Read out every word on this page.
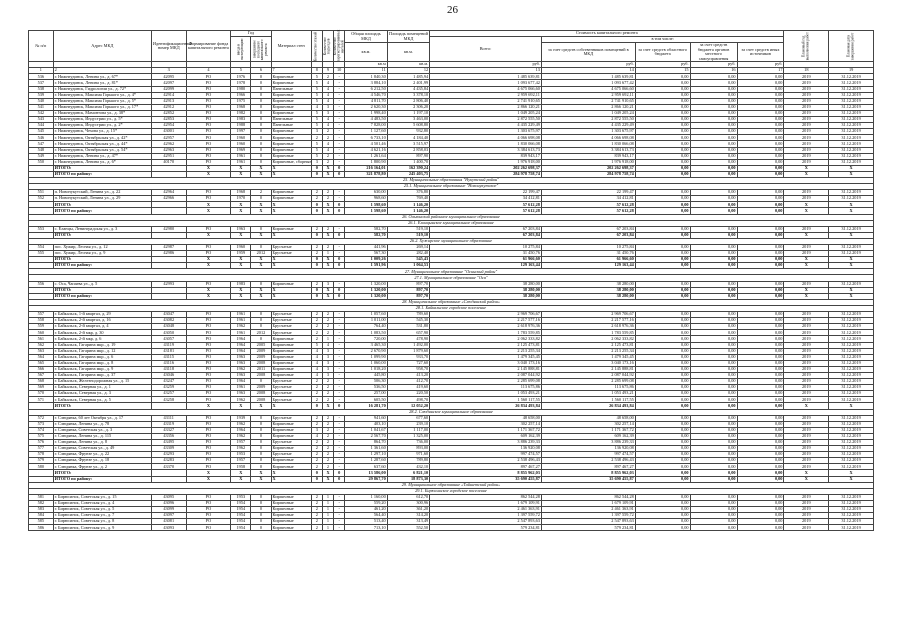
26
№ п/п	Адрес МКД	Идентификационный номер МКД	Формирование фонда капитального ремонта	Год		Материал стен	Количество этажей	Количество подъездов	Количество зарегистрированных жителей	Общая площадь МКД	Площадь помещений МКД	Стоимость капитального ремонта					Плановый год выполнения работ	Плановая дата завершения работ
				ввода в эксплуатацию	завершение последнего капитального ремонта							Всего:	в том числе:					
										кв.м.	кв.м.		за счет средств собственников помещений в МКД	за счет средств областного бюджета	за счет средств бюджета органов местного самоуправления	за счет средств иных источников		
										кв.м	кв.м.	руб.	руб.	руб.	руб.	руб.		
1	2	3	4	5	6	7	8	9	10	11	12	13	14	15	16	17	18	19
536	г. Нижнеудинск, Ленина ул., д. 67*	42095	РО	1976	0	Кирпичные	5	2	-	1 840,30	1 485,94	1 485 639,81	1 485 639,81	0,00	0,00	0,00	2019	31.12.2019
537	г. Нижнеудинск, Ленина ул., д. 81*	42097	РО	1978	0	Кирпичные	5	4	-	3 884,10	2 401,99	1 093 677,42	1 093 677,42	0,00	0,00	0,00	2019	31.12.2019
538	г. Нижнеудинск, Гидрологии ул., д. 72*	42099	РО	1980	0	Панельные	5	4	-	6 212,50	4 435,84	4 675 066,60	4 675 066,60	0,00	0,00	0,00	2019	31.12.2019
539	г. Нижнеудинск, Максима Горького ул., д. 4*	42914	РО	1966	0	Кирпичные	5	4	-	4 546,70	3 378,10	2 959 692,11	2 959 692,11	0,00	0,00	0,00	2019	31.12.2019
540	г. Нижнеудинск, Максима Горького ул., д. 5*	42913	РО	1975	0	Кирпичные	5	4	-	4 811,70	2 806,40	2 741 910,65	2 741 910,65	0,00	0,00	0,00	2019	31.12.2019
541	г. Нижнеудинск, Максима Горького ул., д. 17*	42912	РО	1968	0	Кирпичные	4	3	-	2 620,30	2 306,20	2 866 120,21	2 866 120,21	0,00	0,00	0,00	2019	31.12.2019
542	г. Нижнеудинск, Мамонтова ул., д. 38*	42852	РО	1982	0	Кирпичные	5	3	-	1 998,40	1 197,10	1 049 205,24	1 049 205,24	0,00	0,00	0,00	2019	31.12.2019
543	г. Нижнеудинск, Индустрии ул., д. 5*	42853	РО	1983	0	Панельные	5	4	-	4 483,50	3 463,00	2 872 555,50	2 872 555,50	0,00	0,00	0,00	2019	31.12.2019
544	г. Нижнеудинск, Индустрии ул., д. 2*	42954	РО	1988	0	Панельные	5	4	-	7 828,00	5 608,80	4 435 229,49	4 435 229,49	0,00	0,00	0,00	2019	31.12.2019
545	г. Нижнеудинск, Чехова ул., д. 15*	43001	РО	1997	0	Кирпичные	3	2	-	1 127,60	932,80	1 303 675,97	1 303 675,97	0,00	0,00	0,00	2019	31.12.2019
546	г. Нижнеудинск, Октябрьская ул., д. 42*	42957	РО	1960	0	Кирпичные	2	2	-	6 733,10	4 184,40	4 066 698,08	4 066 698,08	0,00	0,00	0,00	2019	31.12.2019
547	г. Нижнеудинск, Октябрьская ул., д. 44*	42962	РО	1960	0	Кирпичные	5	4	-	4 501,46	3 515,97	1 830 066,08	1 830 066,08	0,00	0,00	0,00	2019	31.12.2019
548	г. Нижнеудинск, Октябрьская ул., д. 54*	42963	РО	1969	0	Кирпичные	5	4	-	4 621,16	2 858,03	3 384 613,73	3 384 613,73	0,00	0,00	0,00	2019	31.12.2019
549	г. Нижнеудинск, Ленина ул., д. 47*	42951	РО	1961	0	Кирпичные	5	2	-	1 261,64	897,90	839 943,17	839 943,17	0,00	0,00	0,00	2019	31.12.2019
550	г. Нижнеудинск, Ленина ул., д. 6*	40170	РО	1961	0	Кирпичные, сборные	3	2	-	1 800,90	1 400,70	1 976 918,00	1 976 918,00	0,00	0,00	0,00	2019	31.12.2019
	ИТОГО:		X	X	X	X	0	X	0	216 164,01	162 390,24	202 262 698,37	202 262 698,37	0,00	0,00	0,00	X	X
	ИТОГО по району:		X	X	X	X	0	X	0	321 878,80	245 403,75	284 978 758,74	284 978 758,74	0,00	0,00	0,00	X	X
25. Муниципальные образования "Нукутский район"																		
25.1. Муниципальное образование "Новонукутское"																		
551	п. Новонукутский, Ленина ул., д. 22	42964	РО	1968	2	Кирпичные	2	2	-	630,00	376,80	22 199,47	22 199,47	0,00	0,00	0,00	2019	31.12.2019
552	п. Новонукутский, Ленина ул., д. 29	42966	РО	1970	0	Кирпичные	2	2	-	968,60	769,40	34 412,81	34 412,81	0,00	0,00	0,00	2019	31.12.2019
	ИТОГО:		X	X	X	X	0	X	0	1 598,60	1 146,20	57 612,28	57 612,28	0,00	0,00	0,00	X	X
	ИТОГО по району:		X	X	X	X	0	X	0	1 598,60	1 146,20	57 612,28	57 612,28	0,00	0,00	0,00	X	X
26. Ольхонский районное муниципальное образование																		
26.1. Еланцынское муниципальное образование																		
553	с. Еланцы, Ленинградская ул., д. 3	42980	РО	1963	0	Кирпичные	2	2	-	582,70	519,10	67 203,84	67 203,84	0,00	0,00	0,00	2019	31.12.2019
	ИТОГО:		X	X	X	X	0	X	0	582,70	519,10	67 203,84	67 203,84	0,00	0,00	0,00	X	X
26.2. Хужирское муниципальное образование																		
554	пос. Хужир, Лесная ул., д. 12	42987	РО	1960	0	Брусчатые	2	2	-	441,96	269,14	10 275,84	10 275,84	0,00	0,00	0,00	2019	31.12.2019
555	пос. Хужир, Лесная ул., д. 9	42986	РО	1959	2012	Брусчатые	2	1	-	567,30	282,40	31 450,76	31 450,76	0,00	0,00	0,00	2019	31.12.2019
	ИТОГО:		X	X	X	X	0	X	0	1 009,26	545,43	61 966,60	61 966,60	0,00	0,00	0,00	X	X
	ИТОГО по району:		X	X	X	X	0	X	0	1 591,96	1 064,53	129 163,44	129 163,44	0,00	0,00	0,00	X	X
27. Муниципальное образование "Осинский район"																		
27.1. Муниципальное образование "Оса"																		
556	с. Оса, Чапаева ул., д. 5	42993	РО	1983	0	Кирпичные	2	3	-	1 320,00	897,70	38 280,00	38 280,00	0,00	0,00	0,00	2019	31.12.2019
	ИТОГО:		X	X	X	X	0	X	0	1 320,00	897,70	38 280,00	38 280,00	0,00	0,00	0,00	X	X
	ИТОГО по району:		X	X	X	X	0	X	0	1 320,00	897,70	38 280,00	38 280,00	0,00	0,00	0,00	X	X
28. Муниципальное образование «Слюдянский район»																		
28.1. Байкальское городское поселение																		
557	г. Байкальск, 1-й квартал, д. 29	43047	РО	1961	0	Брусчатые	2	2	-	1 057,60	789,60	2 969 706,67	2 969 706,67	0,00	0,00	0,00	2019	31.12.2019
558	г. Байкальск, 2-й квартал, д. 16	43082	РО	1961	0	Брусчатые	2	2	-	1 011,00	545,30	2 217 577,16	2 217 577,16	0,00	0,00	0,00	2019	31.12.2019
559	г. Байкальск, 2-й квартал, д. 4	43048	РО	1962	0	Брусчатые	2	2	-	764,40	531,80	2 618 976,36	2 618 976,36	0,00	0,00	0,00	2019	31.12.2019
560	г. Байкальск, 2-й мкр, д. 30	43050	РО	1961	2012	Брусчатые	2	2	-	1 083,50	657,90	1 783 559,85	1 783 559,85	0,00	0,00	0,00	2019	31.12.2019
561	г. Байкальск, 2-й мкр, д. 6	43057	РО	1964	0	Кирпичные	2	1	-	720,00	478,90	2 062 333,82	2 062 333,82	0,00	0,00	0,00	2019	31.12.2019
562	г. Байкальск, Гагарина мкр., д. 19	43119	РО	1964	2005	Кирпичные	5	4	-	3 465,30	1 492,00	2 125 473,81	2 125 473,81	0,00	0,00	0,00	2019	31.12.2019
563	г. Байкальск, Гагарина мкр., д. 12	43181	РО	1964	2009	Кирпичные	4	3	-	2 670,90	1 879,60	2 213 255,34	2 213 255,34	0,00	0,00	0,00	2019	31.12.2019
564	г. Байкальск, Гагарина мкр., д. 6	43115	РО	1963	2009	Кирпичные	4	3	-	1 099,90	933,70	1 479 345,45	1 479 345,45	0,00	0,00	0,00	2019	31.12.2019
565	г. Байкальск, Гагарина мкр., д. 8	43116	РО	1963	2008	Кирпичные	4	3	-	1 060,00	727,60	3 040 173,16	3 040 173,16	0,00	0,00	0,00	2019	31.12.2019
566	г. Байкальск, Гагарина мкр., д. 9	43118	РО	1962	2011	Кирпичные	4	3	-	1 018,20	958,70	2 145 888,81	2 145 888,81	0,00	0,00	0,00	2019	31.12.2019
567	г. Байкальск, Гагарина мкр., д. 37	43046	РО	1963	2008	Кирпичные	4	3	-	445,80	413,20	2 087 044,92	2 087 044,92	0,00	0,00	0,00	2019	31.12.2019
568	г. Байкальск, Железнодорожная ул., д. 15	43247	РО	1964	0	Брусчатые	2	2	-	506,30	412,70	2 285 699,08	2 285 699,08	0,00	0,00	0,00	2019	31.12.2019
569	г. Байкальск, Северная ул., д. 1	43259	РО	1961	2009	Брусчатые	2	2	-	536,50	419,60	113 675,86	113 675,86	0,00	0,00	0,00	2019	31.12.2019
570	г. Байкальск, Северная ул., д. 3	43257	РО	1963	2008	Брусчатые	2	2	-	257,00	220,50	1 053 493,21	1 053 493,21	0,00	0,00	0,00	2019	31.12.2019
571	г. Байкальск, Северная ул., д. 5	43258	РО	1962	2008	Брусчатые	2	2	-	605,50	498,70	1 560 117,55	1 560 117,55	0,00	0,00	0,00	2019	31.12.2019
	ИТОГО:		X	X	X	X	0	X	0	16 281,70	12 052,20	26 834 493,84	26 834 493,84	0,00	0,00	0,00	X	X
28.2. Слюдянское муниципальное образование																		
572	г. Слюдянка, 60 лет Октября ул., д. 17	43111	РО	1939	0	Брусчатые	2	2	-	941,60	677,60	48 658,00	48 658,00	0,00	0,00	0,00	2019	31.12.2019
573	г. Слюдянка, Ленина ул., д. 78	43319	РО	1962	0	Кирпичные	2	2	-	403,10	239,10	302 257,14	302 257,14	0,00	0,00	0,00	2019	31.12.2019
574	г. Слюдянка, Советская ул., д. 3	43327	РО	1964	0	Кирпичные	3	2	-	1 041,67	1 117,00	1 171 367,72	1 171 367,72	0,00	0,00	0,00	2019	31.12.2019
575	г. Слюдянка, Ленина ул., д. 115	43356	РО	1962	0	Кирпичные	4	2	-	2 567,70	1 325,00	609 162,39	609 162,39	0,00	0,00	0,00	2019	31.12.2019
576	г. Слюдянка, Ленина ул., д. 8	43495	РО	1957	0	Брусчатые	2	2	-	864,70	736,00	3 886 239,33	3 886 239,33	0,00	0,00	0,00	2019	31.12.2019
577	г. Слюдянка, Советская ул., д. 49	43309	РО	1962	0	Кирпичные	2	2	-	1 361,60	893,00	136 920,08	136 920,08	0,00	0,00	0,00	2019	31.12.2019
578	г. Слюдянка, Фрунзе ул., д. 22	43293	РО	1953	0	Брусчатые	2	2	-	1 297,10	971,60	997 474,57	997 474,57	0,00	0,00	0,00	2019	31.12.2019
579	г. Слюдянка, Фрунзе ул., д. 18	43283	РО	1957	0	Кирпичные	2	2	-	1 287,60	789,80	2 538 496,43	2 538 496,43	0,00	0,00	0,00	2019	31.12.2019
580	г. Слюдянка, Фрунзе ул., д. 2	43370	РО	1958	0	Кирпичные	2	2	-	637,60	432,10	897 467,27	897 467,27	0,00	0,00	0,00	2019	31.12.2019
	ИТОГО:		X	X	X	X	0	X	0	13 586,00	6 821,10	8 855 962,03	8 855 962,03	0,00	0,00	0,00	X	X
	ИТОГО по району:		X	X	X	X	0	X	0	29 867,70	18 873,30	35 690 455,87	35 690 455,87	0,00	0,00	0,00	X	X
29. Муниципальное образование «Тайшетский район»																		
29.1. Бирюсинское городское поселение																		
581	г. Бирюсинск, Советская ул., д. 15	43095	РО	1953	0	Кирпичные	2	1	-	1 160,00	612,70	862 544,28	862 544,28	0,00	0,00	0,00	2019	31.12.2019
582	г. Бирюсинск, Советская ул., д. 4	43096	РО	1954	0	Кирпичные	2	1	-	559,20	300,96	1 679 109,91	1 679 109,91	0,00	0,00	0,00	2019	31.12.2019
583	г. Бирюсинск, Советская ул., д. 5	43099	РО	1954	0	Кирпичные	2	1	-	461,20	361,20	2 461 363,91	2 461 363,91	0,00	0,00	0,00	2019	31.12.2019
584	г. Бирюсинск, Советская ул., д. 7	43097	РО	1954	0	Кирпичные	2	1	-	564,40	314,20	1 397 559,72	1 397 559,72	0,00	0,00	0,00	2019	31.12.2019
585	г. Бирюсинск, Советская ул., д. 8	43081	РО	1954	0	Кирпичные	2	1	-	513,40	313,49	2 547 893,63	2 547 893,63	0,00	0,00	0,00	2019	31.12.2019
586	г. Бирюсинск, Советская ул., д. 9	43093	РО	1954	0	Кирпичные	2	1	-	713,10	552,50	579 234,81	579 234,81	0,00	0,00	0,00	2019	31.12.2019
